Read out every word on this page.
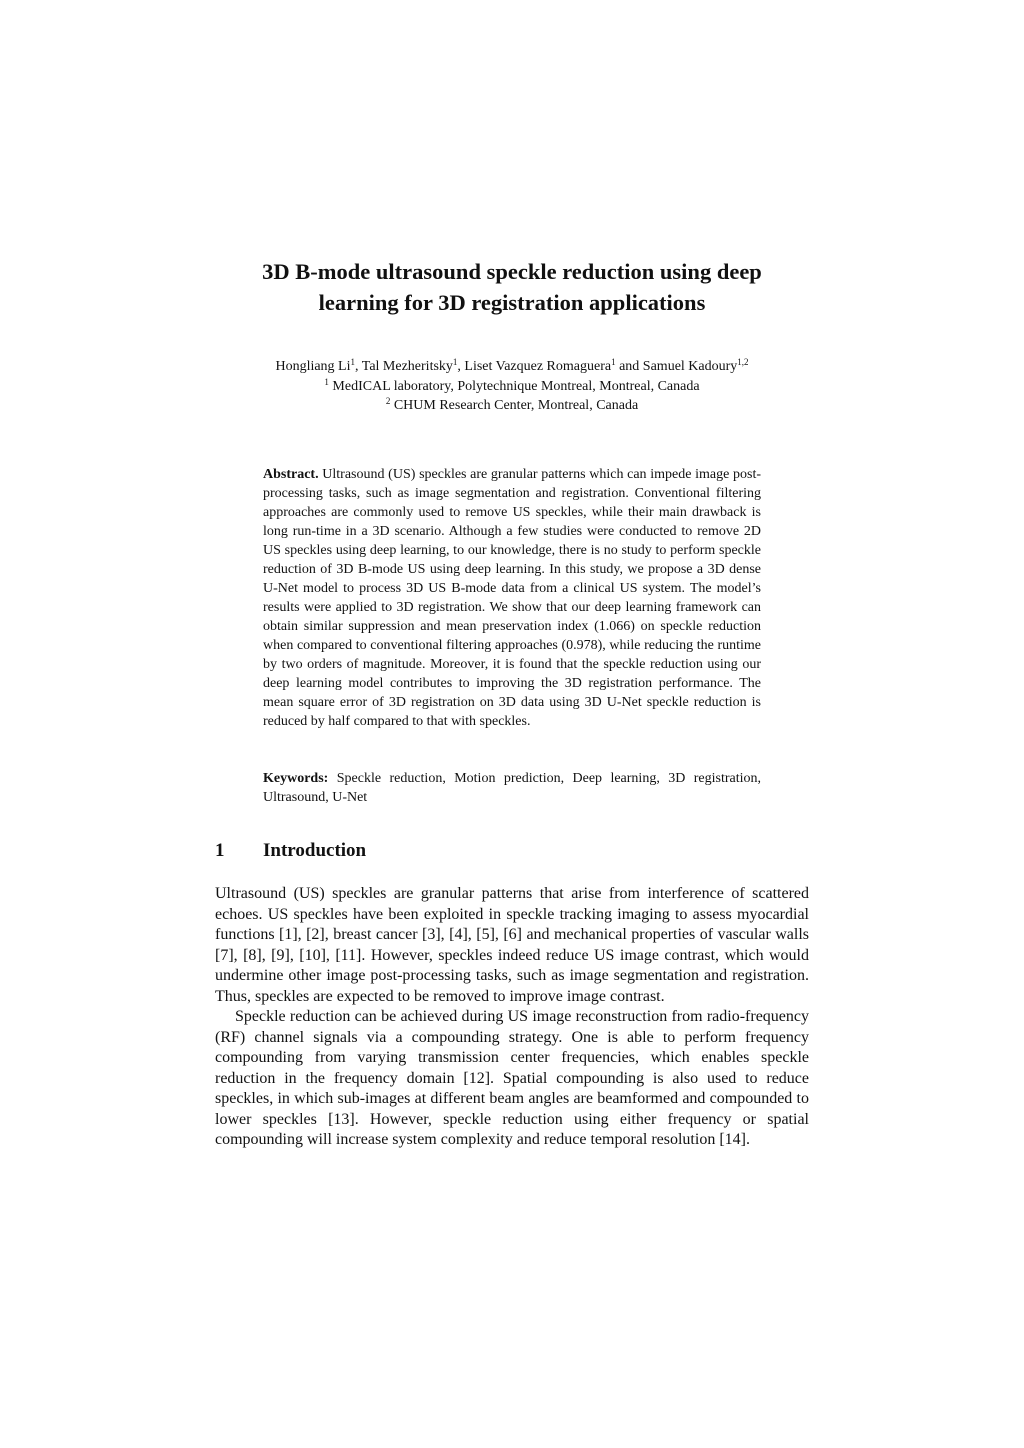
3D B-mode ultrasound speckle reduction using deep
learning for 3D registration applications
Hongliang Li$^1$, Tal Mezheritsky$^1$, Liset Vazquez Romaguera$^1$ and Samuel Kadoury$^{1,2}$
$^1$ MedICAL laboratory, Polytechnique Montreal, Montreal, Canada
$^2$ CHUM Research Center, Montreal, Canada
Abstract. Ultrasound (US) speckles are granular patterns which can impede image post-processing tasks, such as image segmentation and registration. Conventional filtering approaches are commonly used to remove US speckles, while their main drawback is long run-time in a 3D scenario. Although a few studies were conducted to remove 2D US speckles using deep learning, to our knowledge, there is no study to perform speckle reduction of 3D B-mode US using deep learning. In this study, we propose a 3D dense U-Net model to process 3D US B-mode data from a clinical US system. The model’s results were applied to 3D registration. We show that our deep learning framework can obtain similar suppression and mean preservation index (1.066) on speckle reduction when compared to conventional filtering approaches (0.978), while reducing the runtime by two orders of magnitude. Moreover, it is found that the speckle reduction using our deep learning model contributes to improving the 3D registration performance. The mean square error of 3D registration on 3D data using 3D U-Net speckle reduction is reduced by half compared to that with speckles.
Keywords: Speckle reduction, Motion prediction, Deep learning, 3D registration, Ultrasound, U-Net
1 Introduction

Ultrasound (US) speckles are granular patterns that arise from interference of scattered echoes. US speckles have been exploited in speckle tracking imaging to assess myocardial functions [1], [2], breast cancer [3], [4], [5], [6] and mechanical properties of vascular walls [7], [8], [9], [10], [11]. However, speckles indeed reduce US image contrast, which would undermine other image post-processing tasks, such as image segmentation and registration. Thus, speckles are expected to be removed to improve image contrast.

Speckle reduction can be achieved during US image reconstruction from radio-frequency (RF) channel signals via a compounding strategy. One is able to perform frequency compounding from varying transmission center frequencies, which enables speckle reduction in the frequency domain [12]. Spatial compounding is also used to reduce speckles, in which sub-images at different beam angles are beamformed and compounded to lower speckles [13]. However, speckle reduction using either frequency or spatial compounding will increase system complexity and reduce temporal resolution [14].
